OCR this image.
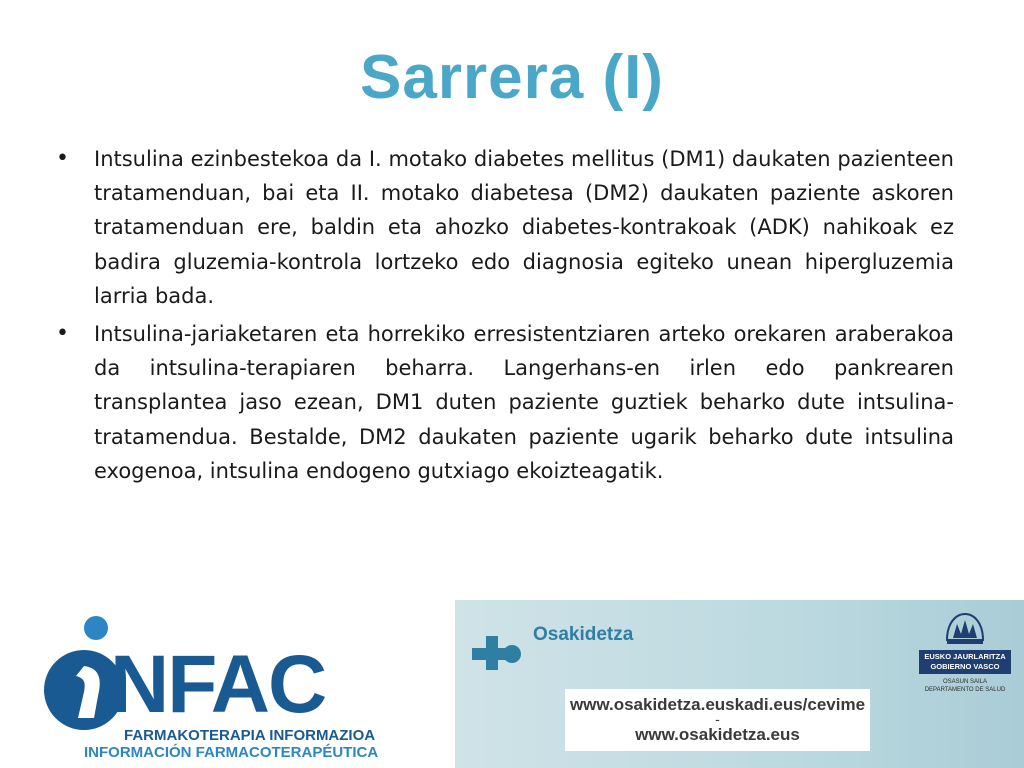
Sarrera (I)
• Intsulina ezinbestekoa da I. motako diabetes mellitus (DM1) daukaten pazienteen tratamenduan, bai eta II. motako diabetesa (DM2) daukaten paziente askoren tratamenduan ere, baldin eta ahozko diabetes-kontrakoak (ADK) nahikoak ez badira gluzemia-kontrola lortzeko edo diagnosia egiteko unean hipergluzemia larria bada.
• Intsulina-jariaketaren eta horrekiko erresistentziaren arteko orekaren araberakoa da intsulina-terapiaren beharra. Langerhans-en irlen edo pankrearen transplantea jaso ezean, DM1 duten paziente guztiek beharko dute intsulina-tratamendua. Bestalde, DM2 daukaten paziente ugarik beharko dute intsulina exogenoa, intsulina endogeno gutxiago ekoizteagatik.
NFAC
FARMAKOTERAPIA INFORMAZIOA
INFORMACIÓN FARMACOTERAPÉUTICA
Osakidetza
www.osakidetza.euskadi.eus/cevime
-
www.osakidetza.eus
EUSKO JAURLARITZA
GOBIERNO VASCO
OSASUN SAILA
DEPARTAMENTO DE SALUD
